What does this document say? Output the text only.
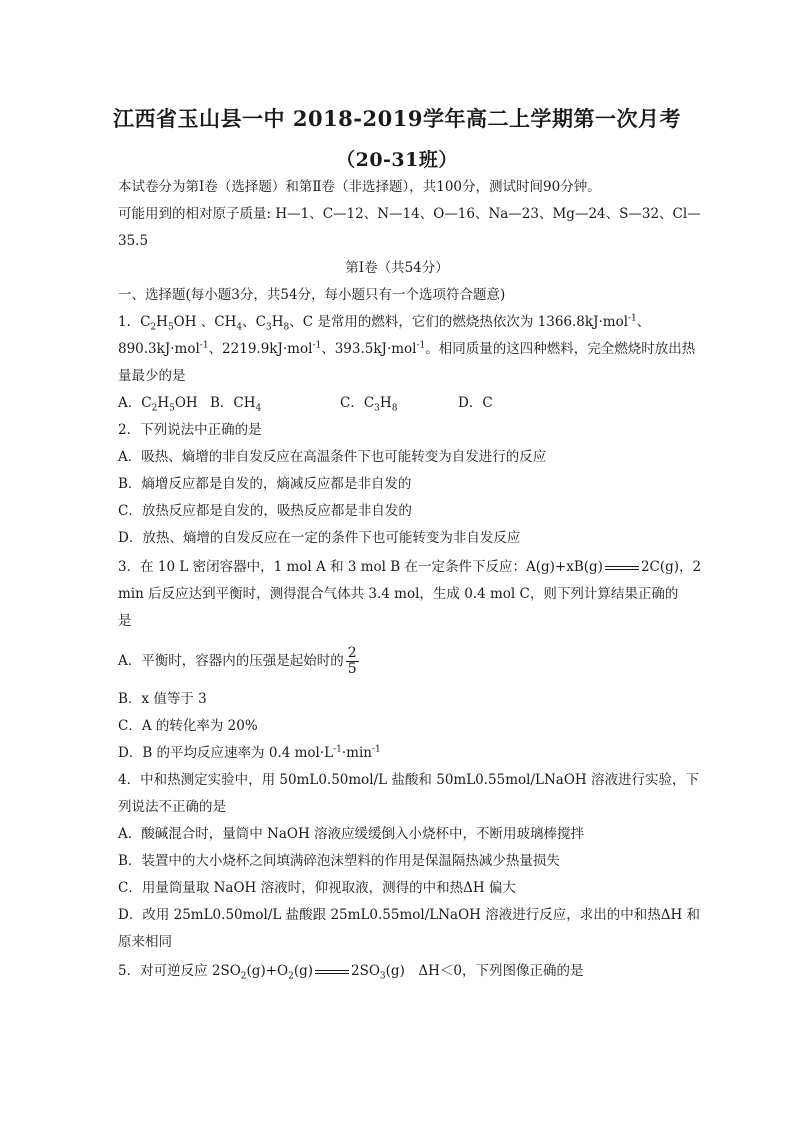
江西省玉山县一中 2018-2019学年高二上学期第一次月考
（20-31班）
本试卷分为第Ⅰ卷（选择题）和第Ⅱ卷（非选择题），共100分，测试时间90分钟。
可能用到的相对原子质量: H—1、C—12、N—14、O—16、Na—23、Mg—24、S—32、Cl—
35.5
第Ⅰ卷（共54分）
一、选择题(每小题3分，共54分，每小题只有一个选项符合题意)
1．$C_2H_5OH$ 、$CH_4$、$C_3H_8$、C 是常用的燃料，它们的燃烧热依次为 1366.8kJ·mol$^{-1}$、
890.3kJ·mol$^{-1}$、2219.9kJ·mol$^{-1}$、393.5kJ·mol$^{-1}$。相同质量的这四种燃料，完全燃烧时放出热
量最少的是
A．$C_2H_5OH$ B．$CH_4$	C．$C_3H_8$	D．C
2．下列说法中正确的是
A．吸热、熵增的非自发反应在高温条件下也可能转变为自发进行的反应
B．熵增反应都是自发的，熵减反应都是非自发的
C．放热反应都是自发的，吸热反应都是非自发的
D．放热、熵增的自发反应在一定的条件下也可能转变为非自发反应
3．在 10 L 密闭容器中，1 mol A 和 3 mol B 在一定条件下反应：A(g)+xB(g)	2C(g)，2
min 后反应达到平衡时，测得混合气体共 3.4 mol，生成 0.4 mol C，则下列计算结果正确的
是
A．平衡时，容器内的压强是起始时的 $\frac{2}{5}$
B．x 值等于 3
C．A 的转化率为 20%
D．B 的平均反应速率为 0.4 $mol\cdot L^{-1}\cdot\min^{-1}$
4．中和热测定实验中，用 50mL0.50mol/L 盐酸和 50mL0.55mol/LNaOH 溶液进行实验，下
列说法不正确的是
A．酸碱混合时，量筒中 NaOH 溶液应缓缓倒入小烧杯中，不断用玻璃棒搅拌
B．装置中的大小烧杯之间填满碎泡沫塑料的作用是保温隔热减少热量损失
C．用量筒量取 NaOH 溶液时，仰视取液，测得的中和热ΔH 偏大
D．改用 25mL0.50mol/L 盐酸跟 25mL0.55mol/LNaOH 溶液进行反应，求出的中和热ΔH 和
原来相同
5．对可逆反应 $2SO_2(g)+O_2(g)$	$2SO_3(g)$　ΔH＜0，下列图像正确的是
